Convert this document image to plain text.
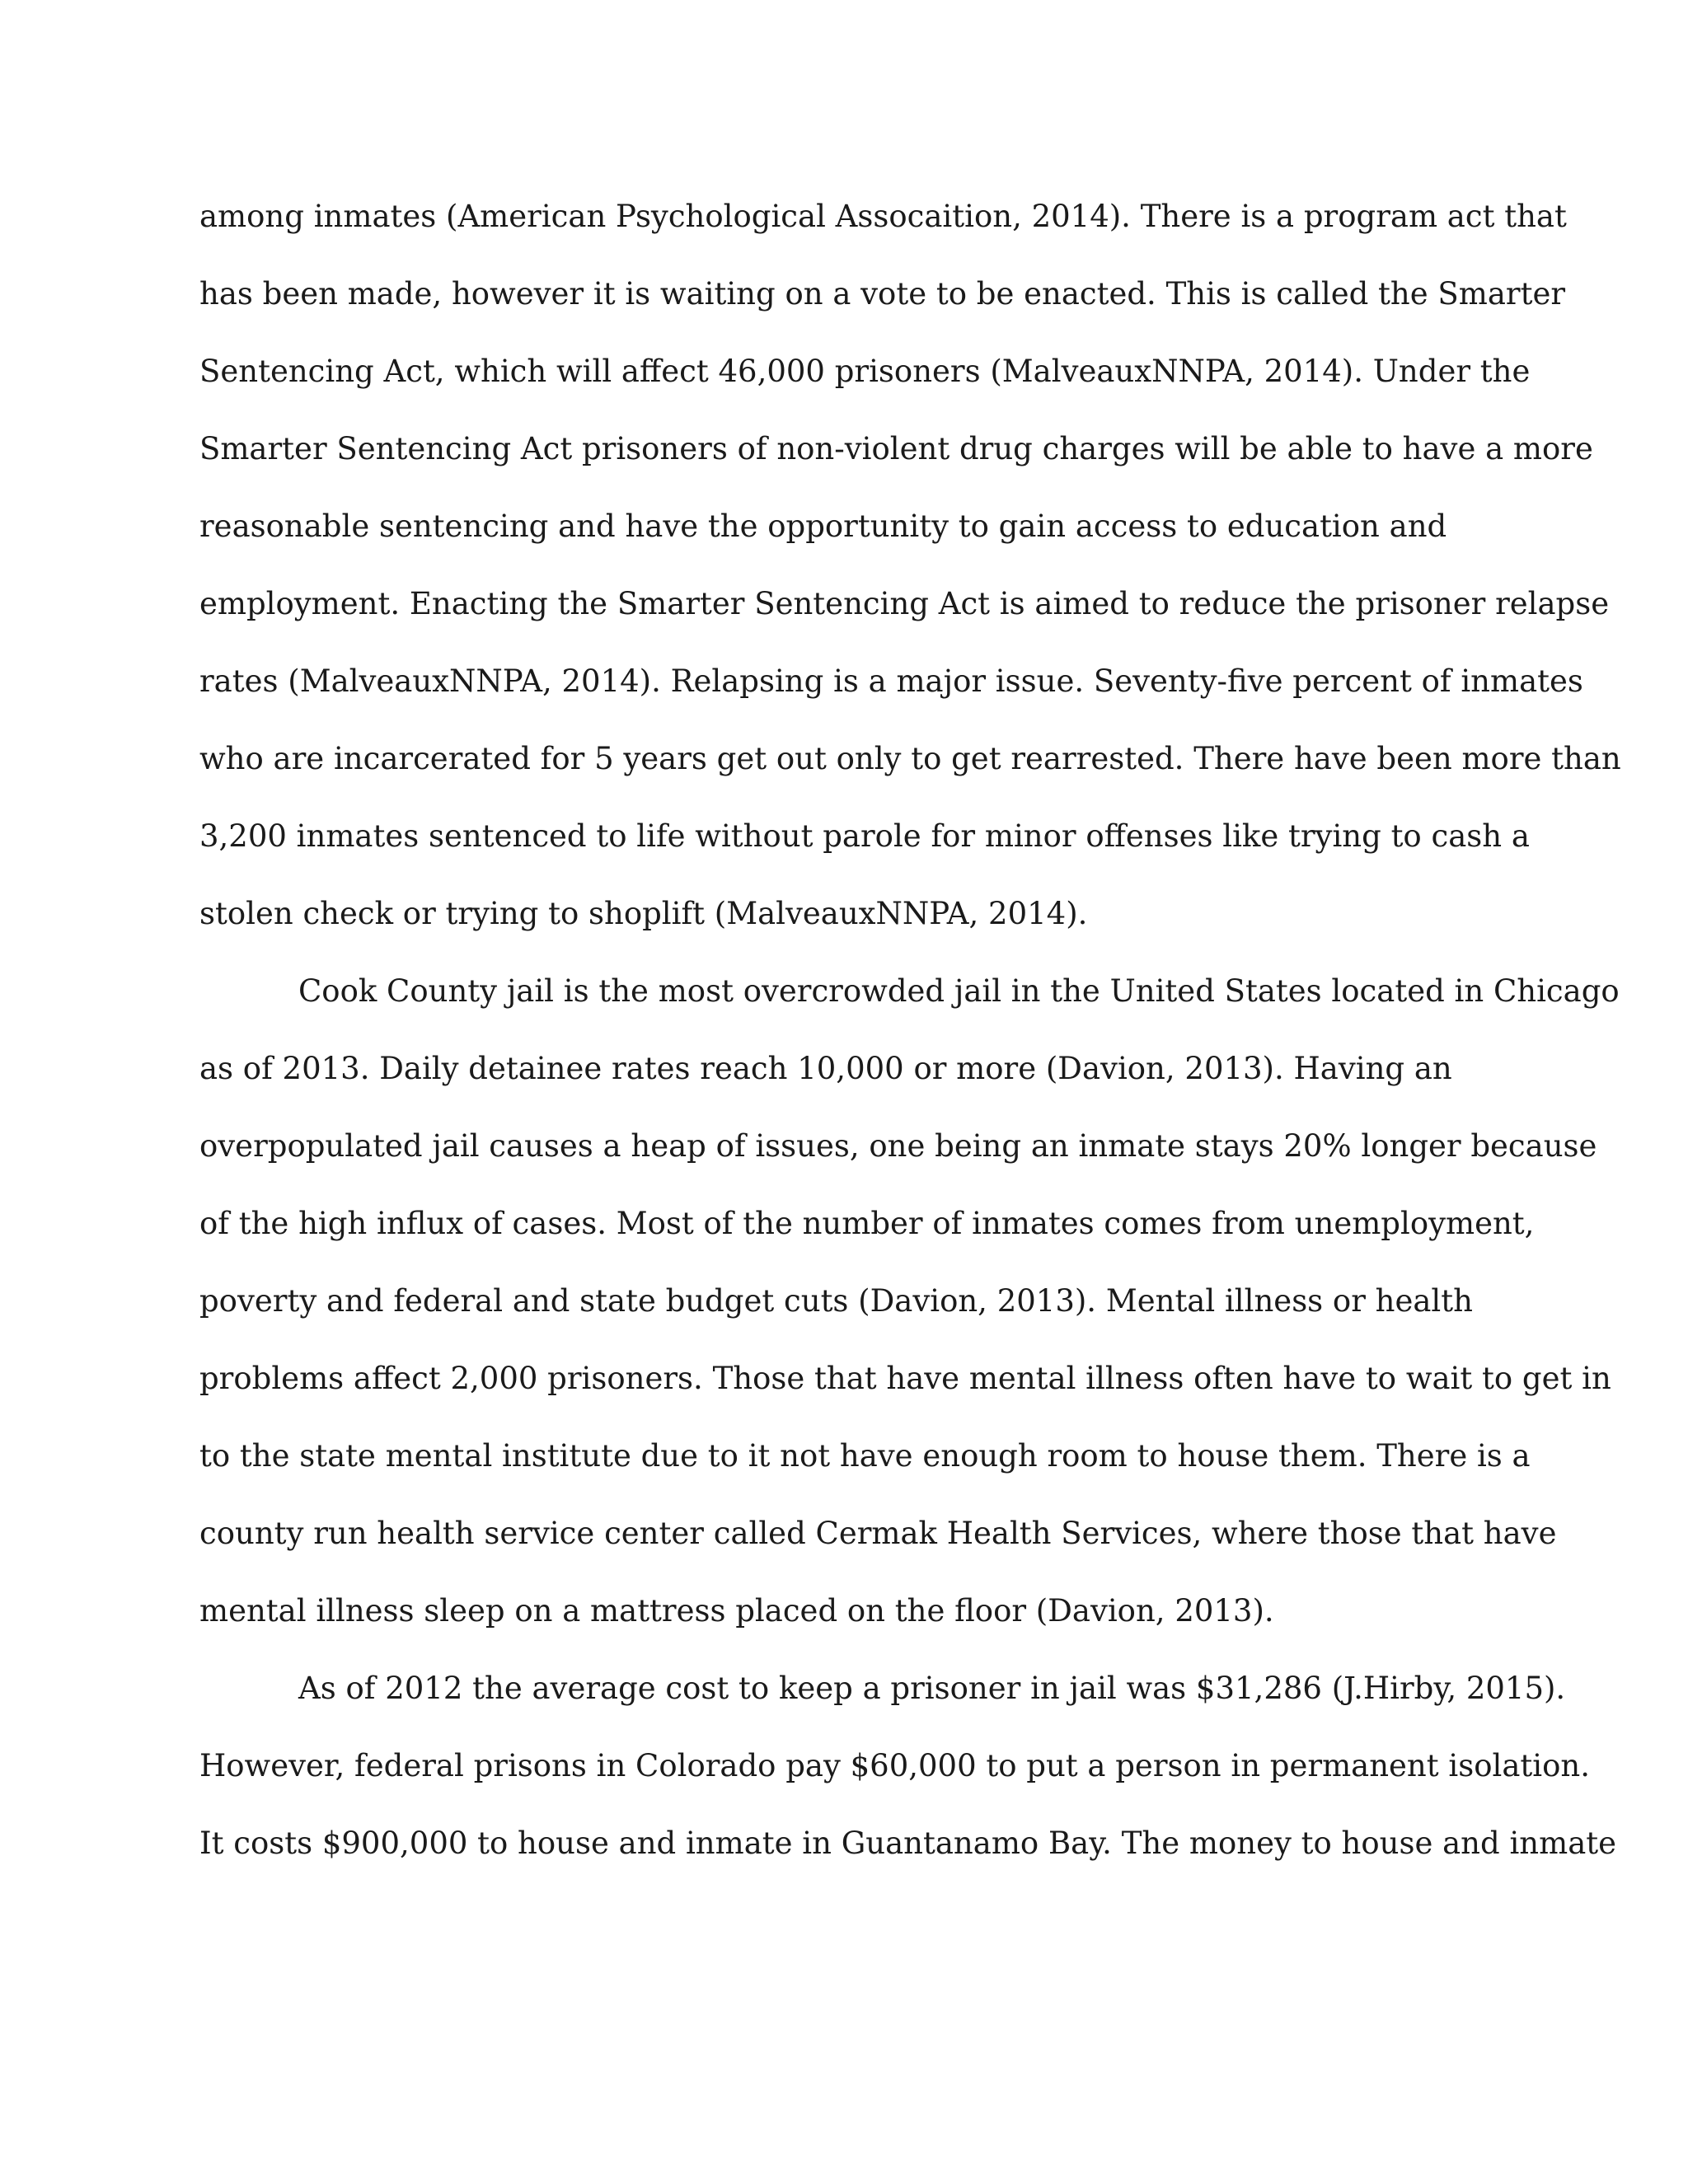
among inmates (American Psychological Assocaition, 2014). There is a program act that
has been made, however it is waiting on a vote to be enacted. This is called the Smarter
Sentencing Act, which will affect 46,000 prisoners (MalveauxNNPA, 2014). Under the
Smarter Sentencing Act prisoners of non-violent drug charges will be able to have a more
reasonable sentencing and have the opportunity to gain access to education and
employment. Enacting the Smarter Sentencing Act is aimed to reduce the prisoner relapse
rates (MalveauxNNPA, 2014). Relapsing is a major issue. Seventy-five percent of inmates
who are incarcerated for 5 years get out only to get rearrested. There have been more than
3,200 inmates sentenced to life without parole for minor offenses like trying to cash a
stolen check or trying to shoplift (MalveauxNNPA, 2014).
Cook County jail is the most overcrowded jail in the United States located in Chicago
as of 2013. Daily detainee rates reach 10,000 or more (Davion, 2013). Having an
overpopulated jail causes a heap of issues, one being an inmate stays 20% longer because
of the high influx of cases. Most of the number of inmates comes from unemployment,
poverty and federal and state budget cuts (Davion, 2013). Mental illness or health
problems affect 2,000 prisoners. Those that have mental illness often have to wait to get in
to the state mental institute due to it not have enough room to house them. There is a
county run health service center called Cermak Health Services, where those that have
mental illness sleep on a mattress placed on the floor (Davion, 2013).
As of 2012 the average cost to keep a prisoner in jail was $31,286 (J.Hirby, 2015).
However, federal prisons in Colorado pay $60,000 to put a person in permanent isolation.
It costs $900,000 to house and inmate in Guantanamo Bay. The money to house and inmate
